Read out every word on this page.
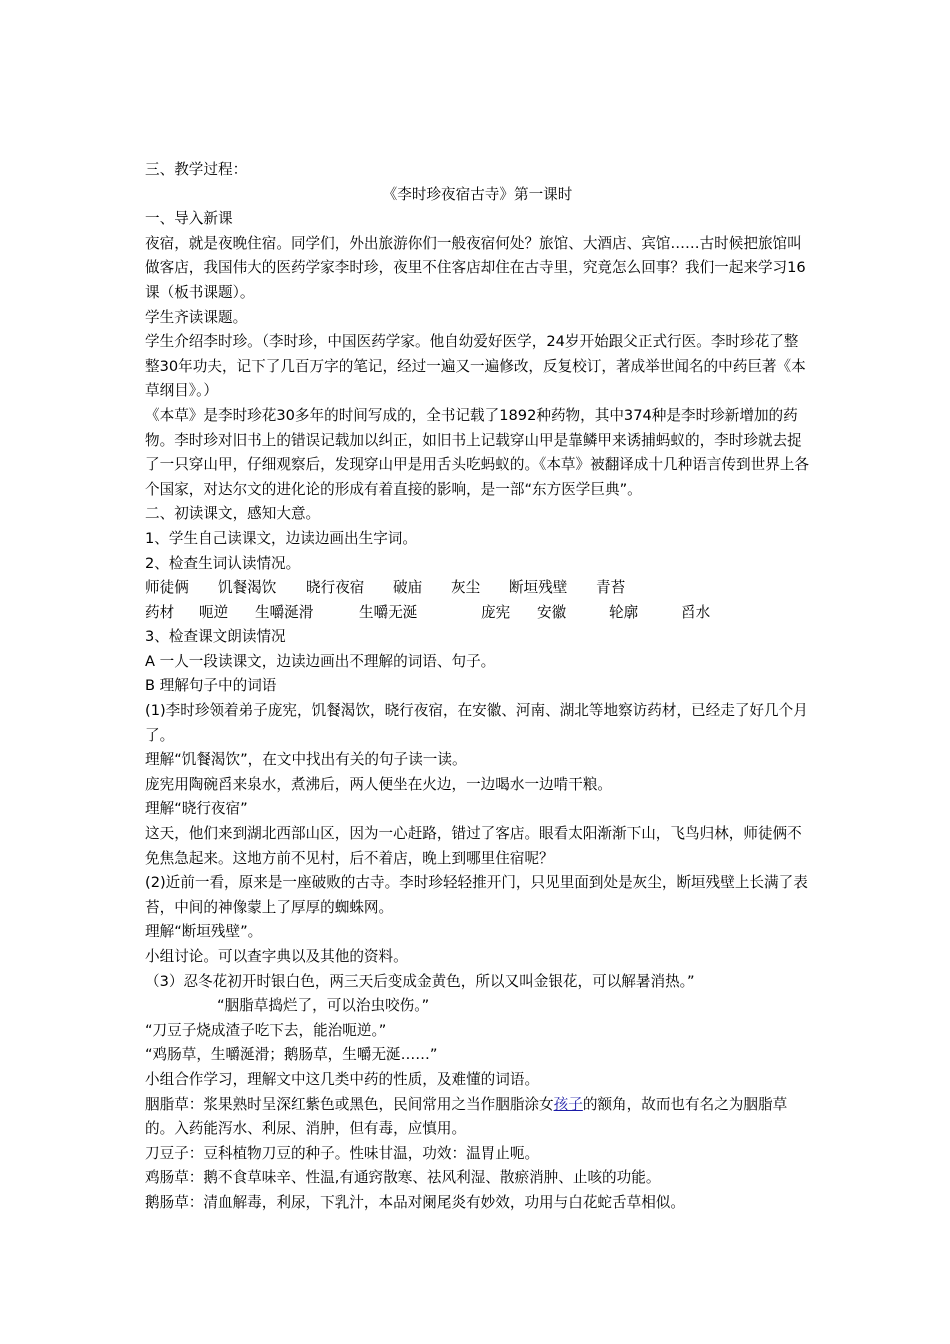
三、教学过程：
《李时珍夜宿古寺》第一课时
一、导入新课
夜宿，就是夜晚住宿。同学们，外出旅游你们一般夜宿何处？旅馆、大酒店、宾馆……古时候把旅馆叫做客店，我国伟大的医药学家李时珍，夜里不住客店却住在古寺里，究竟怎么回事？我们一起来学习16课（板书课题）。
学生齐读课题。
学生介绍李时珍。（李时珍，中国医药学家。他自幼爱好医学，24岁开始跟父正式行医。李时珍花了整整30年功夫，记下了几百万字的笔记，经过一遍又一遍修改，反复校订，著成举世闻名的中药巨著《本草纲目》。）
《本草》是李时珍花30多年的时间写成的，全书记载了1892种药物，其中374种是李时珍新增加的药物。李时珍对旧书上的错误记载加以纠正，如旧书上记载穿山甲是靠鳞甲来诱捕蚂蚁的，李时珍就去捉了一只穿山甲，仔细观察后，发现穿山甲是用舌头吃蚂蚁的。《本草》被翻译成十几种语言传到世界上各个国家，对达尔文的进化论的形成有着直接的影响，是一部“东方医学巨典”。
二、初读课文，感知大意。
1、学生自己读课文，边读边画出生字词。
2、检查生词认读情况。
师徒俩 饥餐渴饮 晓行夜宿 破庙 灰尘 断垣残壁 青苔
药材 呃逆 生嚼涎滑	生嚼无涎	庞宪 安徽	轮廓	舀水
3、检查课文朗读情况
A 一人一段读课文，边读边画出不理解的词语、句子。
B 理解句子中的词语
(1)李时珍领着弟子庞宪，饥餐渴饮，晓行夜宿，在安徽、河南、湖北等地察访药材，已经走了好几个月了。
理解“饥餐渴饮”，在文中找出有关的句子读一读。
庞宪用陶碗舀来泉水，煮沸后，两人便坐在火边，一边喝水一边啃干粮。
理解“晓行夜宿”
这天，他们来到湖北西部山区，因为一心赶路，错过了客店。眼看太阳渐渐下山，飞鸟归林，师徒俩不免焦急起来。这地方前不见村，后不着店，晚上到哪里住宿呢？
(2)近前一看，原来是一座破败的古寺。李时珍轻轻推开门，只见里面到处是灰尘，断垣残壁上长满了表苔，中间的神像蒙上了厚厚的蜘蛛网。
理解“断垣残壁”。
小组讨论。可以查字典以及其他的资料。
（3）忍冬花初开时银白色，两三天后变成金黄色，所以又叫金银花，可以解暑消热。”
“胭脂草捣烂了，可以治虫咬伤。”
“刀豆子烧成渣子吃下去，能治呃逆。”
“鸡肠草，生嚼涎滑；鹅肠草，生嚼无涎……”
小组合作学习，理解文中这几类中药的性质，及难懂的词语。
胭脂草：浆果熟时呈深红紫色或黑色，民间常用之当作胭脂涂女孩子的额角，故而也有名之为胭脂草的。入药能泻水、利尿、消肿，但有毒，应慎用。
刀豆子：豆科植物刀豆的种子。性味甘温，功效：温胃止呃。
鸡肠草：鹅不食草味辛、性温,有通窍散寒、祛风利湿、散瘀消肿、止咳的功能。
鹅肠草：清血解毒，利尿，下乳汁，本品对阑尾炎有妙效，功用与白花蛇舌草相似。
